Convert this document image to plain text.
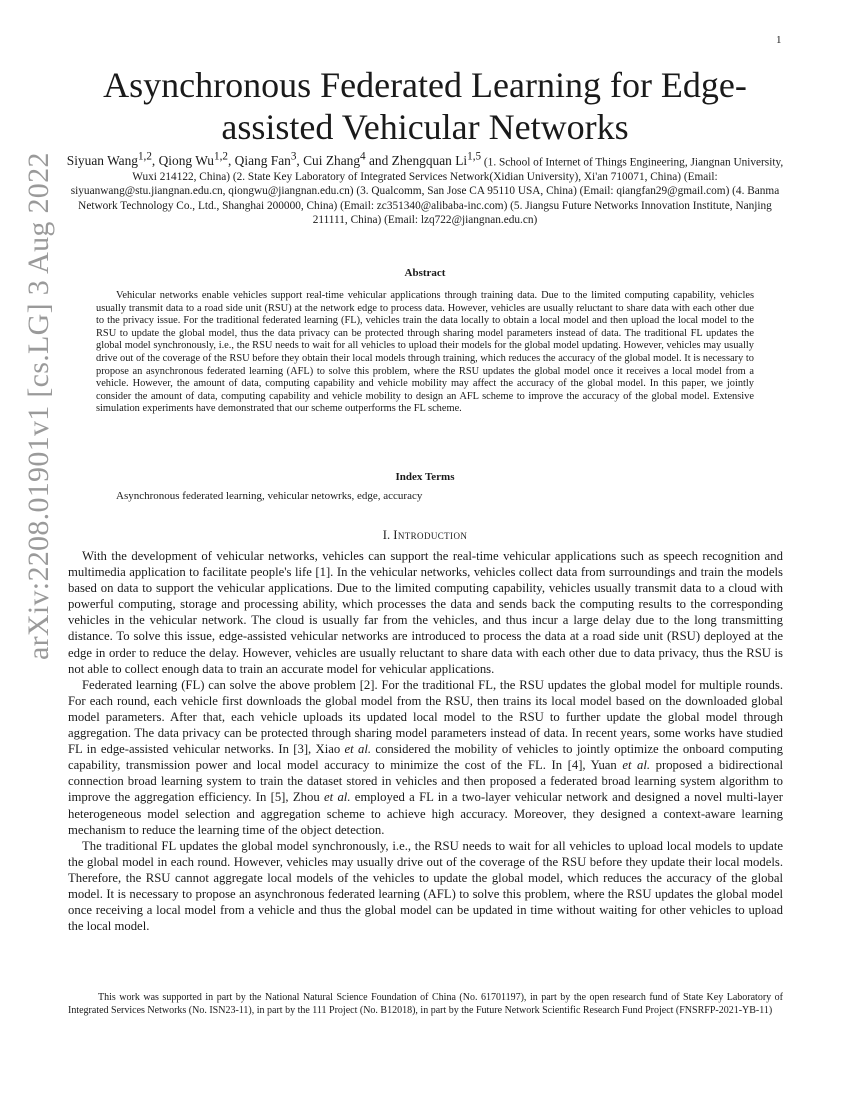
1
arXiv:2208.01901v1 [cs.LG] 3 Aug 2022
Asynchronous Federated Learning for Edge-assisted Vehicular Networks

Siyuan Wang$^{1,2}$, Qiong Wu$^{1,2}$, Qiang Fan$^3$, Cui Zhang$^4$ and Zhengquan Li$^{1,5}$ (1. School of Internet of Things Engineering, Jiangnan University, Wuxi 214122, China) (2. State Key Laboratory of Integrated Services Network(Xidian University), Xi'an 710071, China) (Email: siyuanwang@stu.jiangnan.edu.cn, qiongwu@jiangnan.edu.cn) (3. Qualcomm, San Jose CA 95110 USA, China) (Email: qiangfan29@gmail.com) (4. Banma Network Technology Co., Ltd., Shanghai 200000, China) (Email: zc351340@alibaba-inc.com) (5. Jiangsu Future Networks Innovation Institute, Nanjing 211111, China) (Email: lzq722@jiangnan.edu.cn)

Abstract

Vehicular networks enable vehicles support real-time vehicular applications through training data. Due to the limited computing capability, vehicles usually transmit data to a road side unit (RSU) at the network edge to process data. However, vehicles are usually reluctant to share data with each other due to the privacy issue. For the traditional federated learning (FL), vehicles train the data locally to obtain a local model and then upload the local model to the RSU to update the global model, thus the data privacy can be protected through sharing model parameters instead of data. The traditional FL updates the global model synchronously, i.e., the RSU needs to wait for all vehicles to upload their models for the global model updating. However, vehicles may usually drive out of the coverage of the RSU before they obtain their local models through training, which reduces the accuracy of the global model. It is necessary to propose an asynchronous federated learning (AFL) to solve this problem, where the RSU updates the global model once it receives a local model from a vehicle. However, the amount of data, computing capability and vehicle mobility may affect the accuracy of the global model. In this paper, we jointly consider the amount of data, computing capability and vehicle mobility to design an AFL scheme to improve the accuracy of the global model. Extensive simulation experiments have demonstrated that our scheme outperforms the FL scheme.

Index Terms

Asynchronous federated learning, vehicular netowrks, edge, accuracy

I. Introduction

With the development of vehicular networks, vehicles can support the real-time vehicular applications such as speech recognition and multimedia application to facilitate people's life [1]. In the vehicular networks, vehicles collect data from surroundings and train the models based on data to support the vehicular applications. Due to the limited computing capability, vehicles usually transmit data to a cloud with powerful computing, storage and processing ability, which processes the data and sends back the computing results to the corresponding vehicles in the vehicular network. The cloud is usually far from the vehicles, and thus incur a large delay due to the long transmitting distance. To solve this issue, edge-assisted vehicular networks are introduced to process the data at a road side unit (RSU) deployed at the edge in order to reduce the delay. However, vehicles are usually reluctant to share data with each other due to data privacy, thus the RSU is not able to collect enough data to train an accurate model for vehicular applications.

Federated learning (FL) can solve the above problem [2]. For the traditional FL, the RSU updates the global model for multiple rounds. For each round, each vehicle first downloads the global model from the RSU, then trains its local model based on the downloaded global model parameters. After that, each vehicle uploads its updated local model to the RSU to further update the global model through aggregation. The data privacy can be protected through sharing model parameters instead of data. In recent years, some works have studied FL in edge-assisted vehicular networks. In [3], Xiao et al. considered the mobility of vehicles to jointly optimize the onboard computing capability, transmission power and local model accuracy to minimize the cost of the FL. In [4], Yuan et al. proposed a bidirectional connection broad learning system to train the dataset stored in vehicles and then proposed a federated broad learning system algorithm to improve the aggregation efficiency. In [5], Zhou et al. employed a FL in a two-layer vehicular network and designed a novel multi-layer heterogeneous model selection and aggregation scheme to achieve high accuracy. Moreover, they designed a context-aware learning mechanism to reduce the learning time of the object detection.

The traditional FL updates the global model synchronously, i.e., the RSU needs to wait for all vehicles to upload local models to update the global model in each round. However, vehicles may usually drive out of the coverage of the RSU before they update their local models. Therefore, the RSU cannot aggregate local models of the vehicles to update the global model, which reduces the accuracy of the global model. It is necessary to propose an asynchronous federated learning (AFL) to solve this problem, where the RSU updates the global model once receiving a local model from a vehicle and thus the global model can be updated in time without waiting for other vehicles to upload the local model.

This work was supported in part by the National Natural Science Foundation of China (No. 61701197), in part by the open research fund of State Key Laboratory of Integrated Services Networks (No. ISN23-11), in part by the 111 Project (No. B12018), in part by the Future Network Scientific Research Fund Project (FNSRFP-2021-YB-11)
